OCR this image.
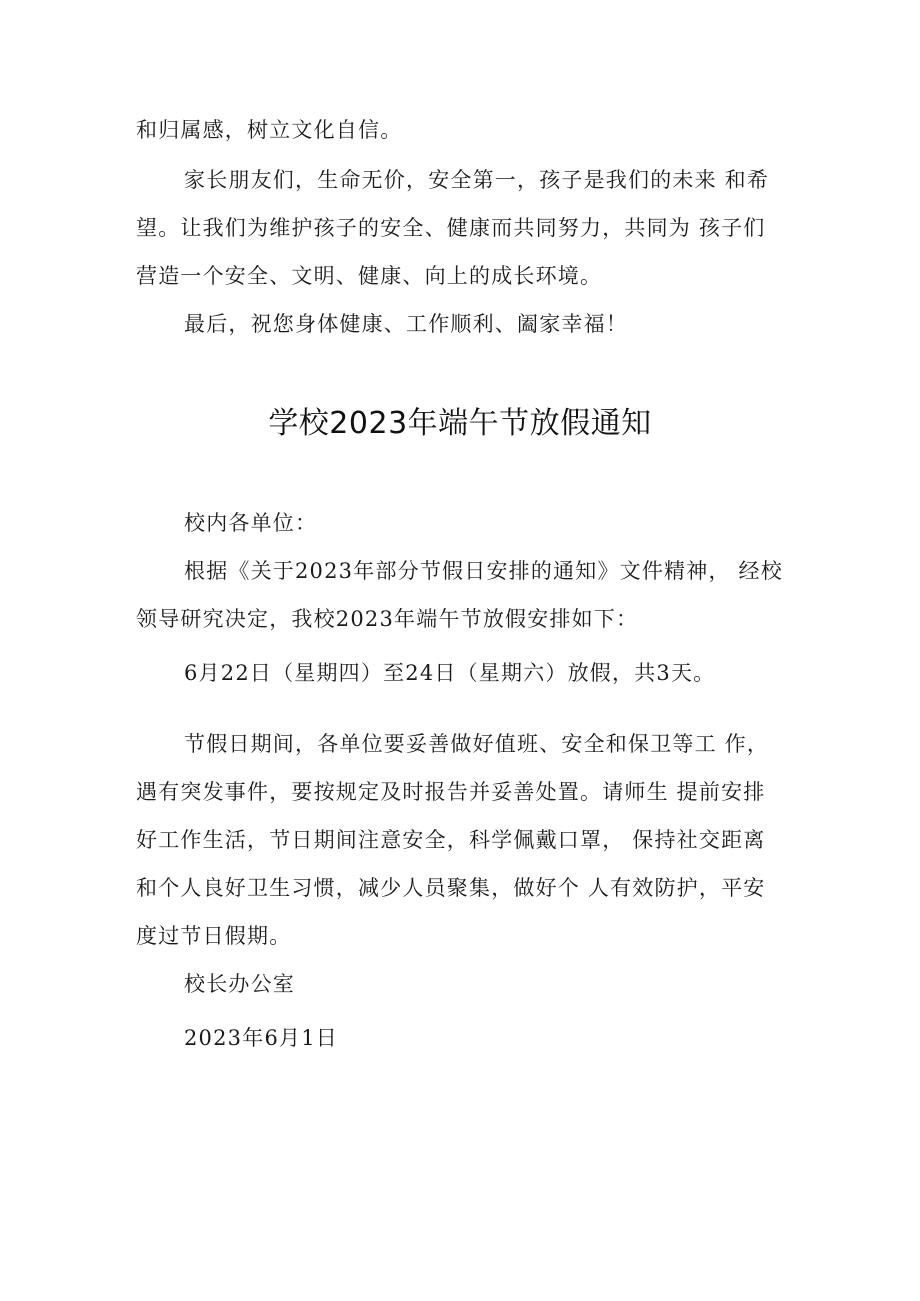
和归属感，树立文化自信。
家长朋友们，生命无价，安全第一，孩子是我们的未来 和希
望。让我们为维护孩子的安全、健康而共同努力，共同为 孩子们
营造一个安全、文明、健康、向上的成长环境。
最后，祝您身体健康、工作顺利、阖家幸福！
学校2023年端午节放假通知
校内各单位：
根据《关于2023年部分节假日安排的通知》文件精神， 经校
领导研究决定，我校2023年端午节放假安排如下：
6月22日（星期四）至24日（星期六）放假，共3天。
节假日期间，各单位要妥善做好值班、安全和保卫等工 作，
遇有突发事件，要按规定及时报告并妥善处置。请师生 提前安排
好工作生活，节日期间注意安全，科学佩戴口罩， 保持社交距离
和个人良好卫生习惯，减少人员聚集，做好个 人有效防护，平安
度过节日假期。
校长办公室
2023年6月1日
